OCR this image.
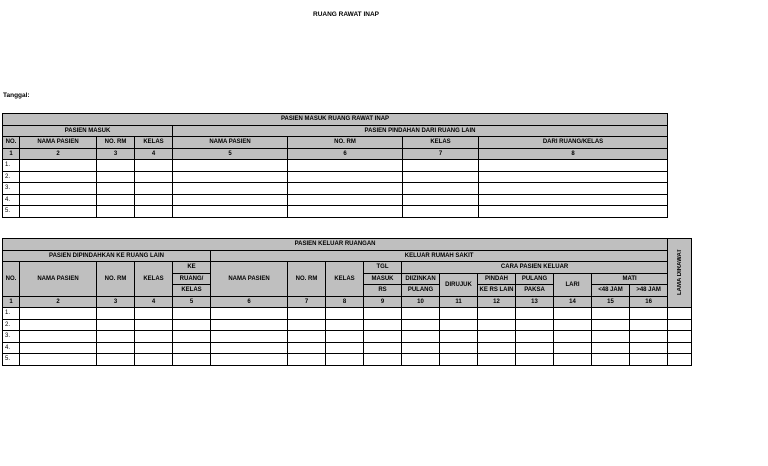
RUANG RAWAT INAP
Tanggal:
PASIEN MASUK RUANG RAWAT INAP							
PASIEN MASUK				PASIEN PINDAHAN DARI RUANG LAIN			
NO.	NAMA PASIEN	NO. RM	KELAS	NAMA PASIEN	NO. RM	KELAS	DARI RUANG/KELAS
1	2	3	4	5	6	7	8
1.							
2.							
3.							
4.							
5.							
PASIEN KELUAR RUANGAN																LAMA DIRAWAT
PASIEN DIPINDAHKAN KE RUANG LAIN					KELUAR RUMAH SAKIT											
NO.	NAMA PASIEN	NO. RM	KELAS	KE	NAMA PASIEN	NO. RM	KELAS	TGL	CARA PASIEN KELUAR							
				RUANG/				MASUK	DIIZINKAN	DIRUJUK	PINDAH	PULANG	LARI	MATI		
				KELAS				RS	PULANG		KE RS LAIN	PAKSA		<48 JAM	>48 JAM	
1	2	3	4	5	6	7	8	9	10	11	12	13	14	15	16	
1.																
2.																
3.																
4.																
5.																
